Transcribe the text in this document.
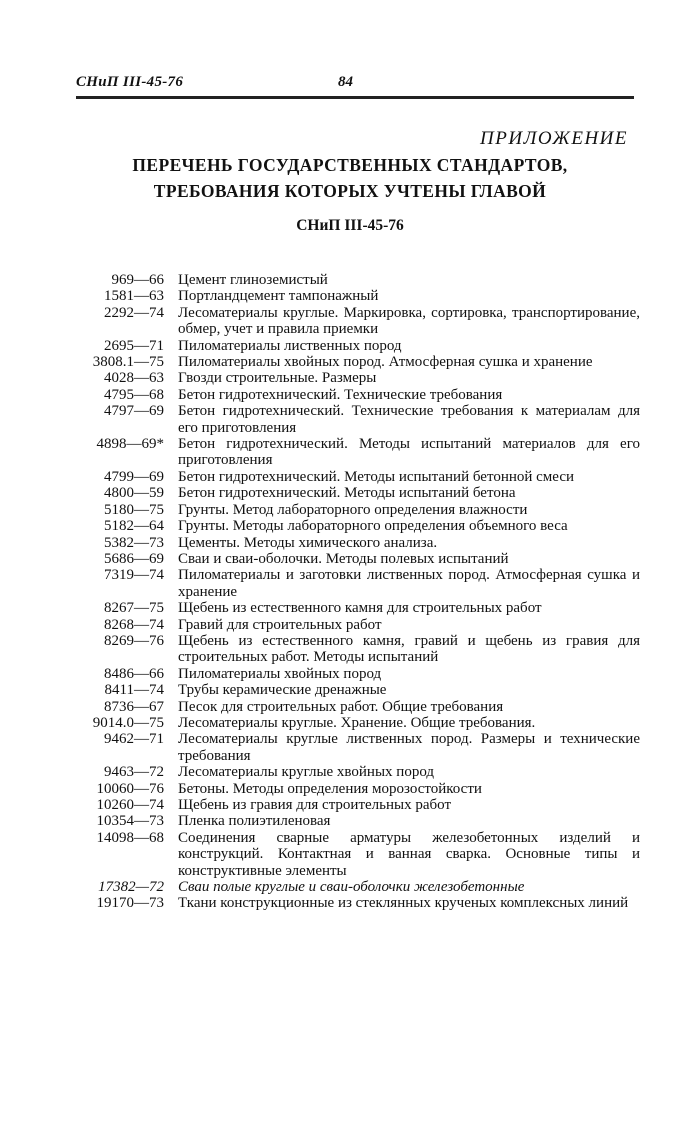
СНиП III-45-76	84
ПРИЛОЖЕНИЕ
ПЕРЕЧЕНЬ ГОСУДАРСТВЕННЫХ СТАНДАРТОВ,
ТРЕБОВАНИЯ КОТОРЫХ УЧТЕНЫ ГЛАВОЙ
СНиП III-45-76
969—66 Цемент глиноземистый
1581—63 Портландцемент тампонажный
2292—74 Лесоматериалы круглые. Маркировка, сортировка, транспортирование, обмер, учет и правила приемки
2695—71 Пиломатериалы лиственных пород
3808.1—75 Пиломатериалы хвойных пород. Атмосферная сушка и хранение
4028—63 Гвозди строительные. Размеры
4795—68 Бетон гидротехнический. Технические требования
4797—69 Бетон гидротехнический. Технические требования к материалам для его приготовления
4898—69* Бетон гидротехнический. Методы испытаний материалов для его приготовления
4799—69 Бетон гидротехнический. Методы испытаний бетонной смеси
4800—59 Бетон гидротехнический. Методы испытаний бетона
5180—75 Грунты. Метод лабораторного определения влажности
5182—64 Грунты. Методы лабораторного определения объемного веса
5382—73 Цементы. Методы химического анализа.
5686—69 Сваи и сваи-оболочки. Методы полевых испытаний
7319—74 Пиломатериалы и заготовки лиственных пород. Атмосферная сушка и хранение
8267—75 Щебень из естественного камня для строительных работ
8268—74 Гравий для строительных работ
8269—76 Щебень из естественного камня, гравий и щебень из гравия для строительных работ. Методы испытаний
8486—66 Пиломатериалы хвойных пород
8411—74 Трубы керамические дренажные
8736—67 Песок для строительных работ. Общие требования
9014.0—75 Лесоматериалы круглые. Хранение. Общие требования.
9462—71 Лесоматериалы круглые лиственных пород. Размеры и технические требования
9463—72 Лесоматериалы круглые хвойных пород
10060—76 Бетоны. Методы определения морозостойкости
10260—74 Щебень из гравия для строительных работ
10354—73 Пленка полиэтиленовая
14098—68 Соединения сварные арматуры железобетонных изделий и конструкций. Контактная и ванная сварка. Основные типы и конструктивные элементы
17382—72 Сваи полые круглые и сваи-оболочки железобетонные
19170—73 Ткани конструкционные из стеклянных крученых комплексных линий
